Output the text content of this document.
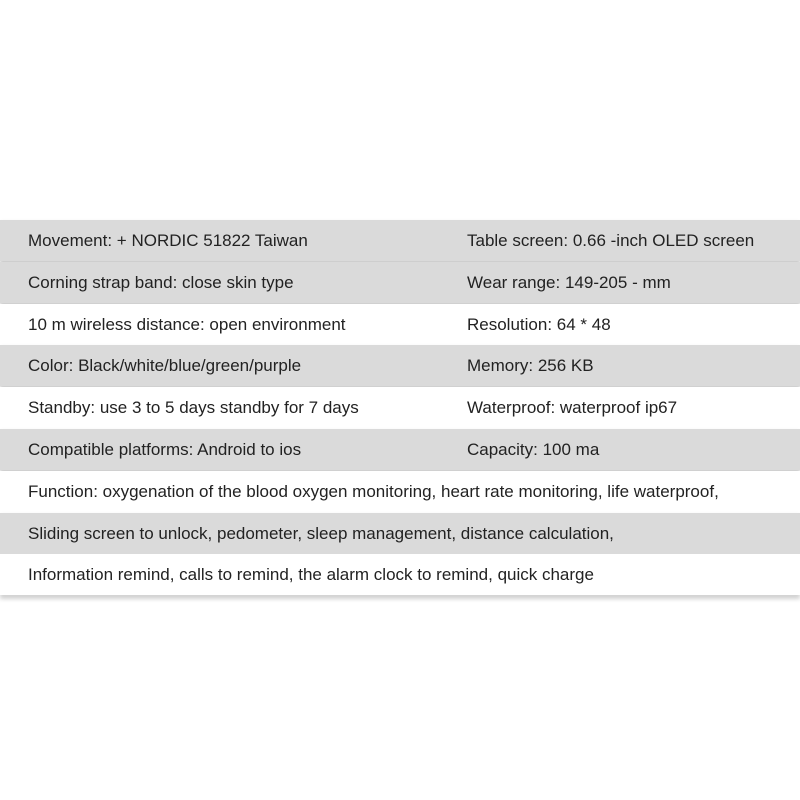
Movement: + NORDIC 51822 Taiwan	Table screen: 0.66 -inch OLED screen
Corning strap band: close skin type	Wear range: 149-205 - mm
10 m wireless distance: open environment	Resolution: 64 * 48
Color: Black/white/blue/green/purple	Memory: 256 KB
Standby: use 3 to 5 days standby for 7 days	Waterproof: waterproof ip67
Compatible platforms: Android to ios	Capacity: 100 ma
Function: oxygenation of the blood oxygen monitoring, heart rate monitoring, life waterproof,
Sliding screen to unlock, pedometer, sleep management, distance calculation,
Information remind, calls to remind, the alarm clock to remind, quick charge
